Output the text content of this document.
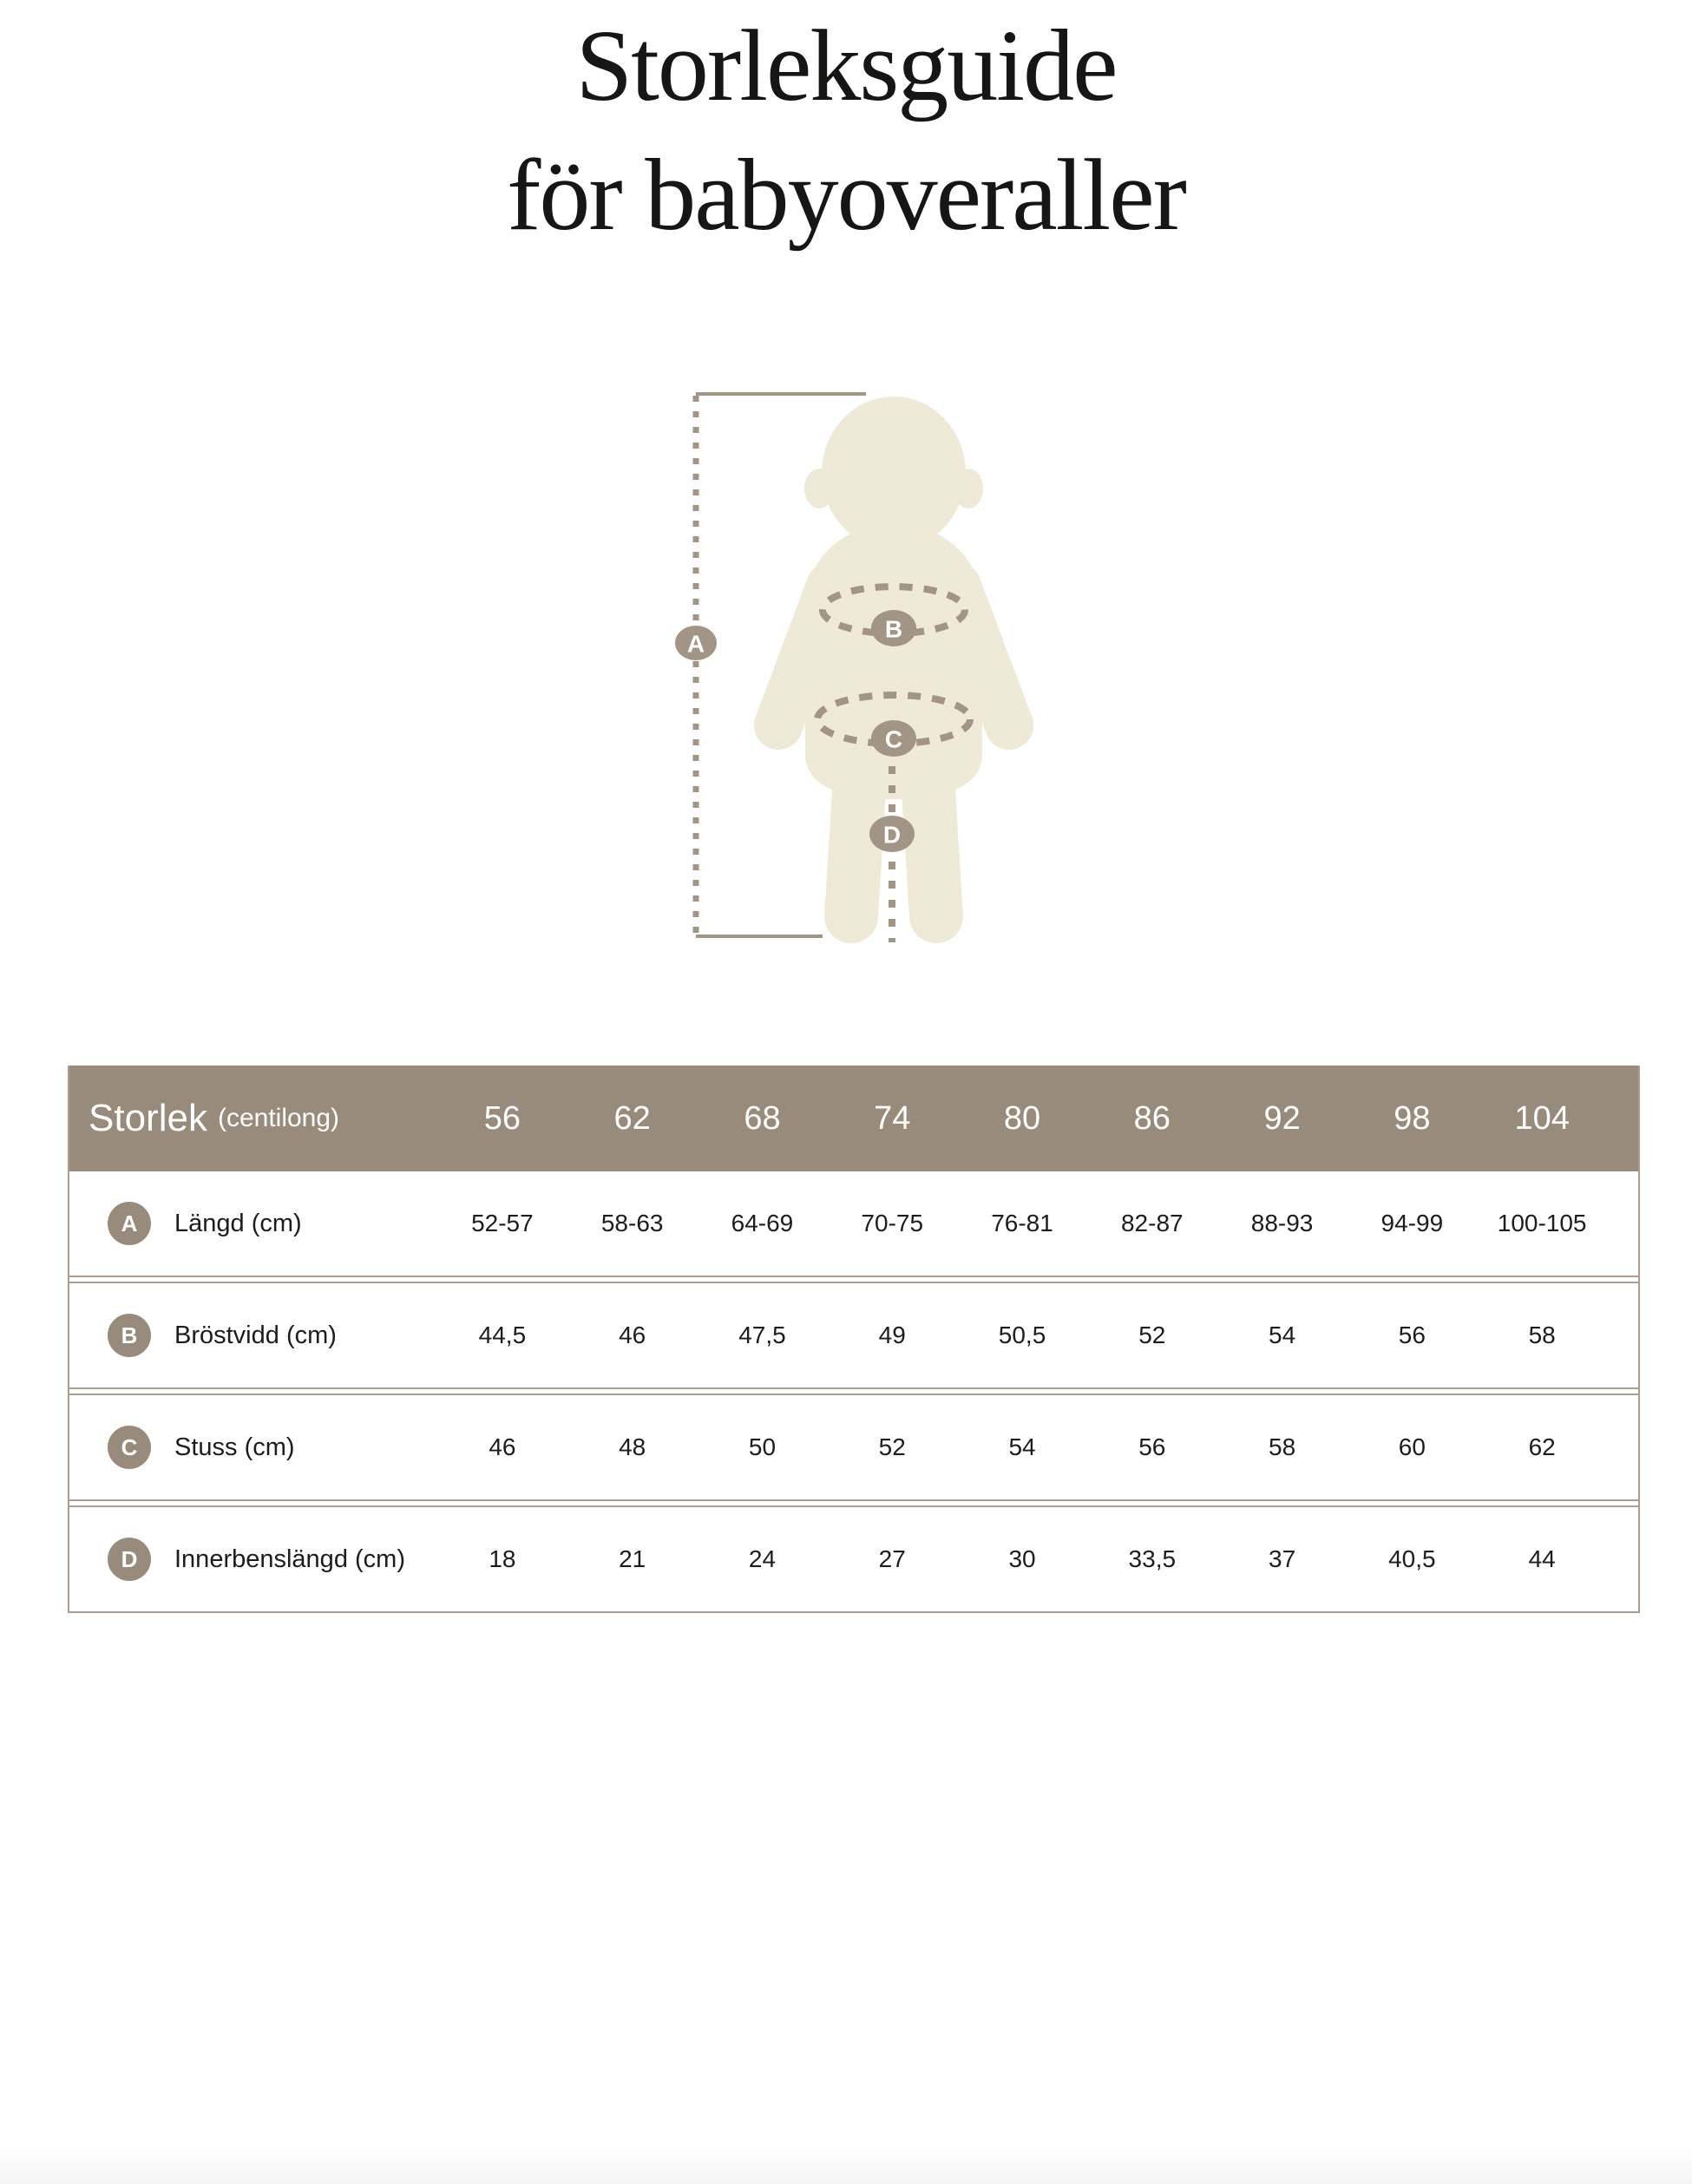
Storleksguide
för babyoveraller
A
B
C
D
Storlek (centilong)	56	62	68	74	80	86	92	98	104
A	Längd (cm)	52-57	58-63	64-69	70-75	76-81	82-87	88-93	94-99	100-105
B	Bröstvidd (cm)	44,5	46	47,5	49	50,5	52	54	56	58
C	Stuss (cm)	46	48	50	52	54	56	58	60	62
D	Innerbenslängd (cm)	18	21	24	27	30	33,5	37	40,5	44
